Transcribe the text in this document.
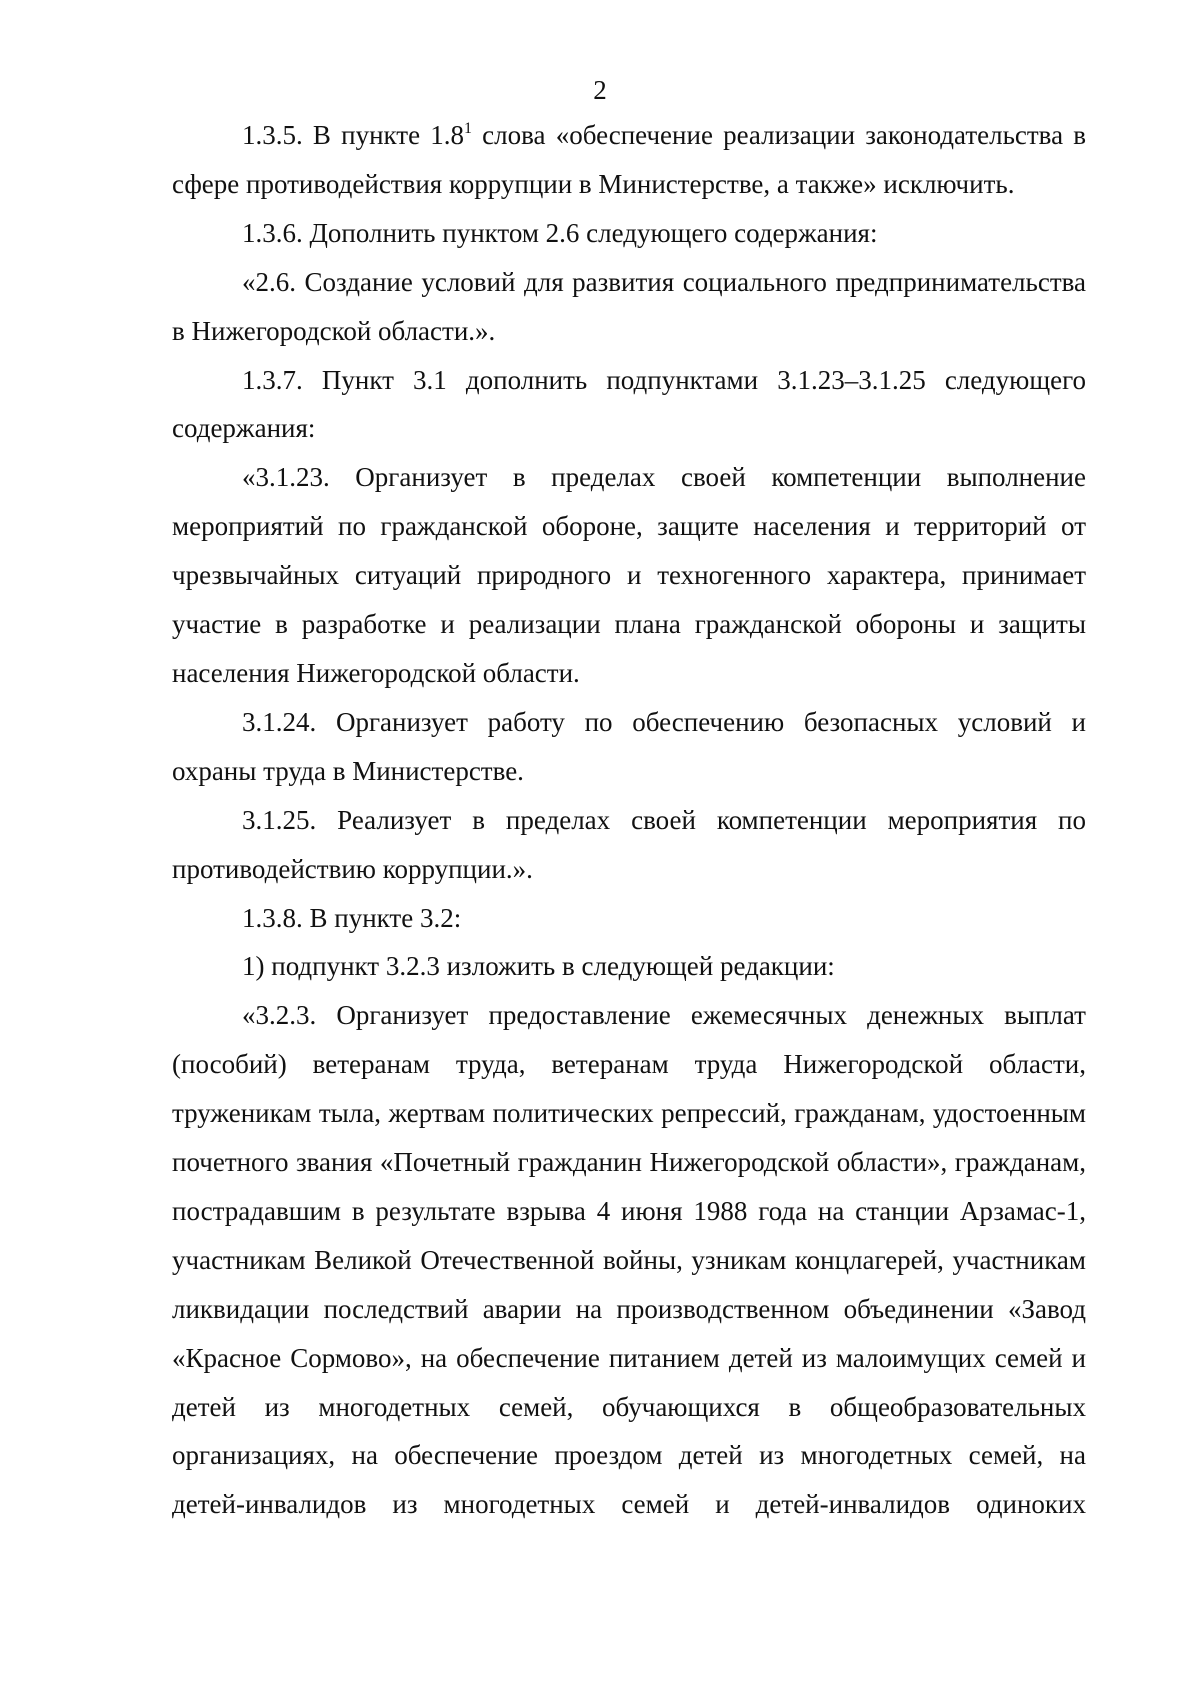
2

1.3.5. В пункте $1.8^1$ слова «обеспечение реализации законодательства в сфере противодействия коррупции в Министерстве, а также» исключить.

1.3.6. Дополнить пунктом 2.6 следующего содержания:

«2.6. Создание условий для развития социального предпринимательства в Нижегородской области.».

1.3.7. Пункт 3.1 дополнить подпунктами 3.1.23–3.1.25 следующего содержания:

«3.1.23. Организует в пределах своей компетенции выполнение мероприятий по гражданской обороне, защите населения и территорий от чрезвычайных ситуаций природного и техногенного характера, принимает участие в разработке и реализации плана гражданской обороны и защиты населения Нижегородской области.

3.1.24. Организует работу по обеспечению безопасных условий и охраны труда в Министерстве.

3.1.25. Реализует в пределах своей компетенции мероприятия по противодействию коррупции.».

1.3.8. В пункте 3.2:

1) подпункт 3.2.3 изложить в следующей редакции:

«3.2.3. Организует предоставление ежемесячных денежных выплат (пособий) ветеранам труда, ветеранам труда Нижегородской области, труженикам тыла, жертвам политических репрессий, гражданам, удостоенным почетного звания «Почетный гражданин Нижегородской области», гражданам, пострадавшим в результате взрыва 4 июня 1988 года на станции Арзамас-1, участникам Великой Отечественной войны, узникам концлагерей, участникам ликвидации последствий аварии на производственном объединении «Завод «Красное Сормово», на обеспечение питанием детей из малоимущих семей и детей из многодетных семей, обучающихся в общеобразовательных организациях, на обеспечение проездом детей из многодетных семей, на детей-инвалидов из многодетных семей и детей-инвалидов одиноких
